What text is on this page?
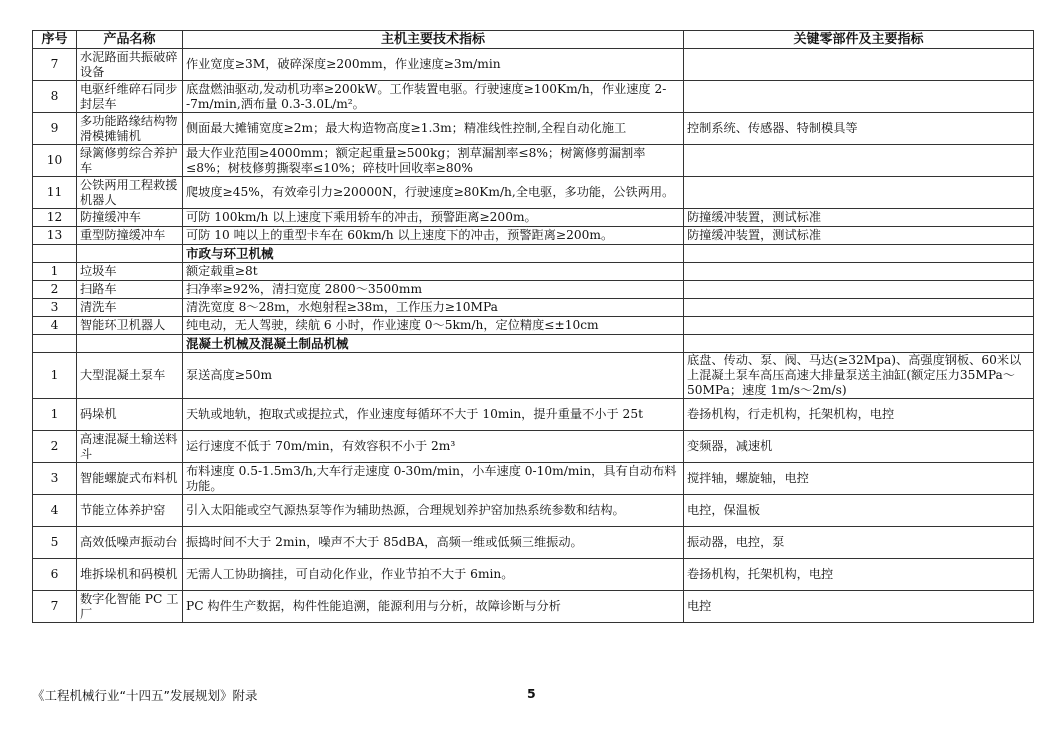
序号	产品名称	主机主要技术指标	关键零部件及主要指标
7	水泥路面共振破碎设备	作业宽度≥3M，破碎深度≥200mm，作业速度≥3m/min	
8	电驱纤维碎石同步封层车	底盘燃油驱动,发动机功率≥200kW。工作装置电驱。行驶速度≥100Km/h，作业速度 2--7m/min,洒布量 0.3-3.0L/m²。	
9	多功能路缘结构物滑模摊铺机	侧面最大摊铺宽度≥2m；最大构造物高度≥1.3m；精准线性控制,全程自动化施工	控制系统、传感器、特制模具等
10	绿篱修剪综合养护车	最大作业范围≥4000mm；额定起重量≥500kg；割草漏割率≤8%；树篱修剪漏割率≤8%；树枝修剪撕裂率≤10%；碎枝叶回收率≥80%	
11	公铁两用工程救援机器人	爬坡度≥45%，有效牵引力≥20000N，行驶速度≥80Km/h,全电驱，多功能，公铁两用。	
12	防撞缓冲车	可防 100km/h 以上速度下乘用轿车的冲击，预警距离≥200m。	防撞缓冲装置，测试标准
13	重型防撞缓冲车	可防 10 吨以上的重型卡车在 60km/h 以上速度下的冲击，预警距离≥200m。	防撞缓冲装置，测试标准
		市政与环卫机械	
1	垃圾车	额定载重≥8t	
2	扫路车	扫净率≥92%，清扫宽度 2800～3500mm	
3	清洗车	清洗宽度 8～28m，水炮射程≥38m，工作压力≥10MPa	
4	智能环卫机器人	纯电动，无人驾驶，续航 6 小时，作业速度 0～5km/h，定位精度≤±10cm	
		混凝土机械及混凝土制品机械	
1	大型混凝土泵车	泵送高度≥50m	底盘、传动、泵、阀、马达(≥32Mpa)、高强度钢板、60米以上混凝土泵车高压高速大排量泵送主油缸(额定压力35MPa～50MPa；速度 1m/s～2m/s)
1	码垛机	天轨或地轨，抱取式或提拉式，作业速度每循环不大于 10min，提升重量不小于 25t	卷扬机构，行走机构，托架机构，电控
2	高速混凝土输送料斗	运行速度不低于 70m/min，有效容积不小于 2m³	变频器，减速机
3	智能螺旋式布料机	布料速度 0.5-1.5m3/h,大车行走速度 0-30m/min，小车速度 0-10m/min，具有自动布料功能。	搅拌轴，螺旋轴，电控
4	节能立体养护窑	引入太阳能或空气源热泵等作为辅助热源，合理规划养护窑加热系统参数和结构。	电控，保温板
5	高效低噪声振动台	振捣时间不大于 2min，噪声不大于 85dBA，高频一维或低频三维振动。	振动器，电控，泵
6	堆拆垛机和码模机	无需人工协助摘挂，可自动化作业，作业节拍不大于 6min。	卷扬机构，托架机构，电控
7	数字化智能 PC 工厂	PC 构件生产数据，构件性能追溯，能源利用与分析，故障诊断与分析	电控
《工程机械行业“十四五”发展规划》附录	5
